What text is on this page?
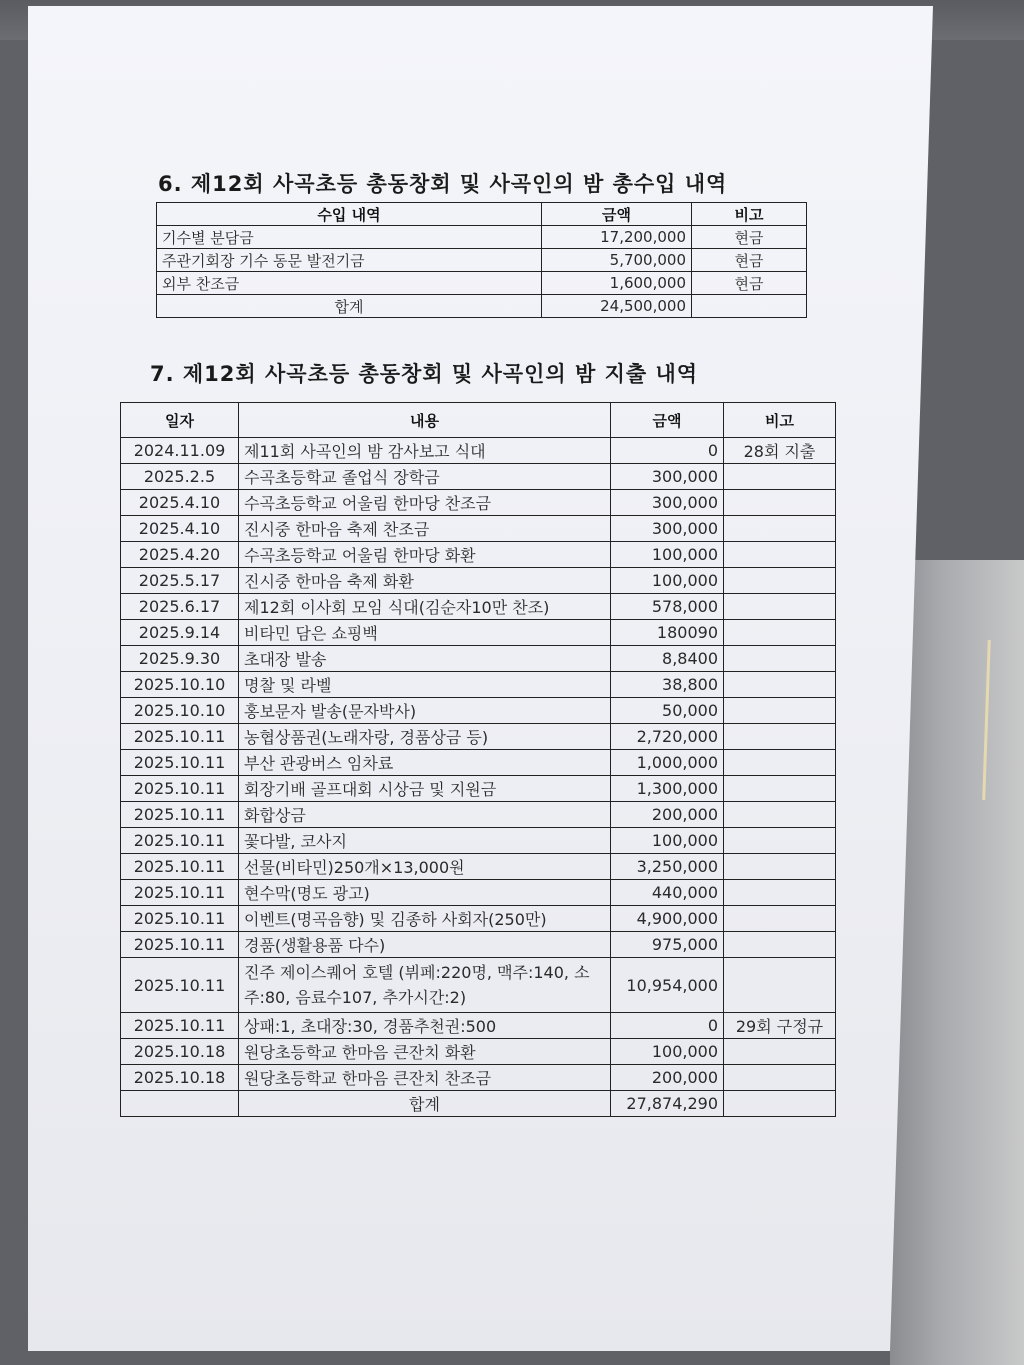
6. 제12회 사곡초등 총동창회 및 사곡인의 밤 총수입 내역
수입 내역	금액	비고
기수별 분담금	17,200,000	현금
주관기회장 기수 동문 발전기금	5,700,000	현금
외부 찬조금	1,600,000	현금
합계	24,500,000	
7. 제12회 사곡초등 총동창회 및 사곡인의 밤 지출 내역
일자	내용	금액	비고
2024.11.09	제11회 사곡인의 밤 감사보고 식대	0	28회 지출
2025.2.5	수곡초등학교 졸업식 장학금	300,000	
2025.4.10	수곡초등학교 어울림 한마당 찬조금	300,000	
2025.4.10	진시중 한마음 축제 찬조금	300,000	
2025.4.20	수곡초등학교 어울림 한마당 화환	100,000	
2025.5.17	진시중 한마음 축제 화환	100,000	
2025.6.17	제12회 이사회 모임 식대(김순자10만 찬조)	578,000	
2025.9.14	비타민 담은 쇼핑백	180090	
2025.9.30	초대장 발송	8,8400	
2025.10.10	명찰 및 라벨	38,800	
2025.10.10	홍보문자 발송(문자박사)	50,000	
2025.10.11	농협상품권(노래자랑, 경품상금 등)	2,720,000	
2025.10.11	부산 관광버스 임차료	1,000,000	
2025.10.11	회장기배 골프대회 시상금 및 지원금	1,300,000	
2025.10.11	화합상금	200,000	
2025.10.11	꽃다발, 코사지	100,000	
2025.10.11	선물(비타민)250개×13,000원	3,250,000	
2025.10.11	현수막(명도 광고)	440,000	
2025.10.11	이벤트(명곡음향) 및 김종하 사회자(250만)	4,900,000	
2025.10.11	경품(생활용품 다수)	975,000	
2025.10.11	진주 제이스퀘어 호텔 (뷔페:220명, 맥주:140, 소주:80, 음료수107, 추가시간:2)	10,954,000	
2025.10.11	상패:1, 초대장:30, 경품추천권:500	0	29회 구정규
2025.10.18	원당초등학교 한마음 큰잔치 화환	100,000	
2025.10.18	원당초등학교 한마음 큰잔치 찬조금	200,000	
	합계	27,874,290	
